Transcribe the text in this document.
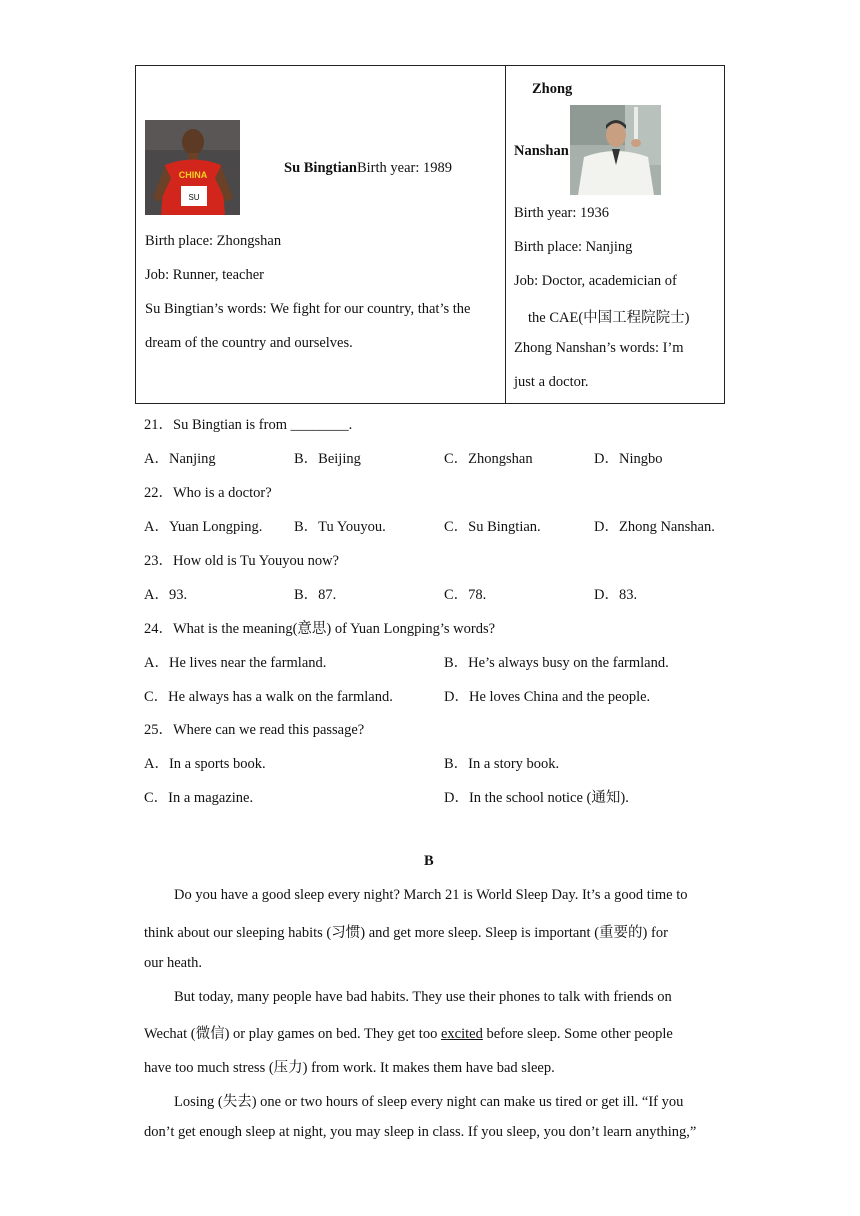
CHINA
SU
Su BingtianBirth year: 1989
Birth place: Zhongshan
Job: Runner, teacher
Su Bingtian’s words: We fight for our country, that’s the
dream of the country and ourselves.
Zhong
Nanshan
Birth year: 1936
Birth place: Nanjing
Job: Doctor, academician of
the CAE(中国工程院院士)
Zhong Nanshan’s words: I’m
just a doctor.
21．Su Bingtian is from ________.
A．Nanjing	B．Beijing	C．Zhongshan	D．Ningbo
22．Who is a doctor?
A．Yuan Longping. B．Tu Youyou.	C．Su Bingtian.	D．Zhong Nanshan.
23．How old is Tu Youyou now?
A．93.	B．87.	C．78.	D．83.
24．What is the meaning(意思) of Yuan Longping’s words?
A．He lives near the farmland.	B．He’s always busy on the farmland.
C．He always has a walk on the farmland.	D．He loves China and the people.
25．Where can we read this passage?
A．In a sports book.	B．In a story book.
C．In a magazine.	D．In the school notice (通知).
B
Do you have a good sleep every night? March 21 is World Sleep Day. It’s a good time to
think about our sleeping habits (习惯) and get more sleep. Sleep is important (重要的) for
our heath.
But today, many people have bad habits. They use their phones to talk with friends on
Wechat (微信) or play games on bed. They get too excited before sleep. Some other people
have too much stress (压力) from work. It makes them have bad sleep.
Losing (失去) one or two hours of sleep every night can make us tired or get ill. “If you
don’t get enough sleep at night, you may sleep in class. If you sleep, you don’t learn anything,”
